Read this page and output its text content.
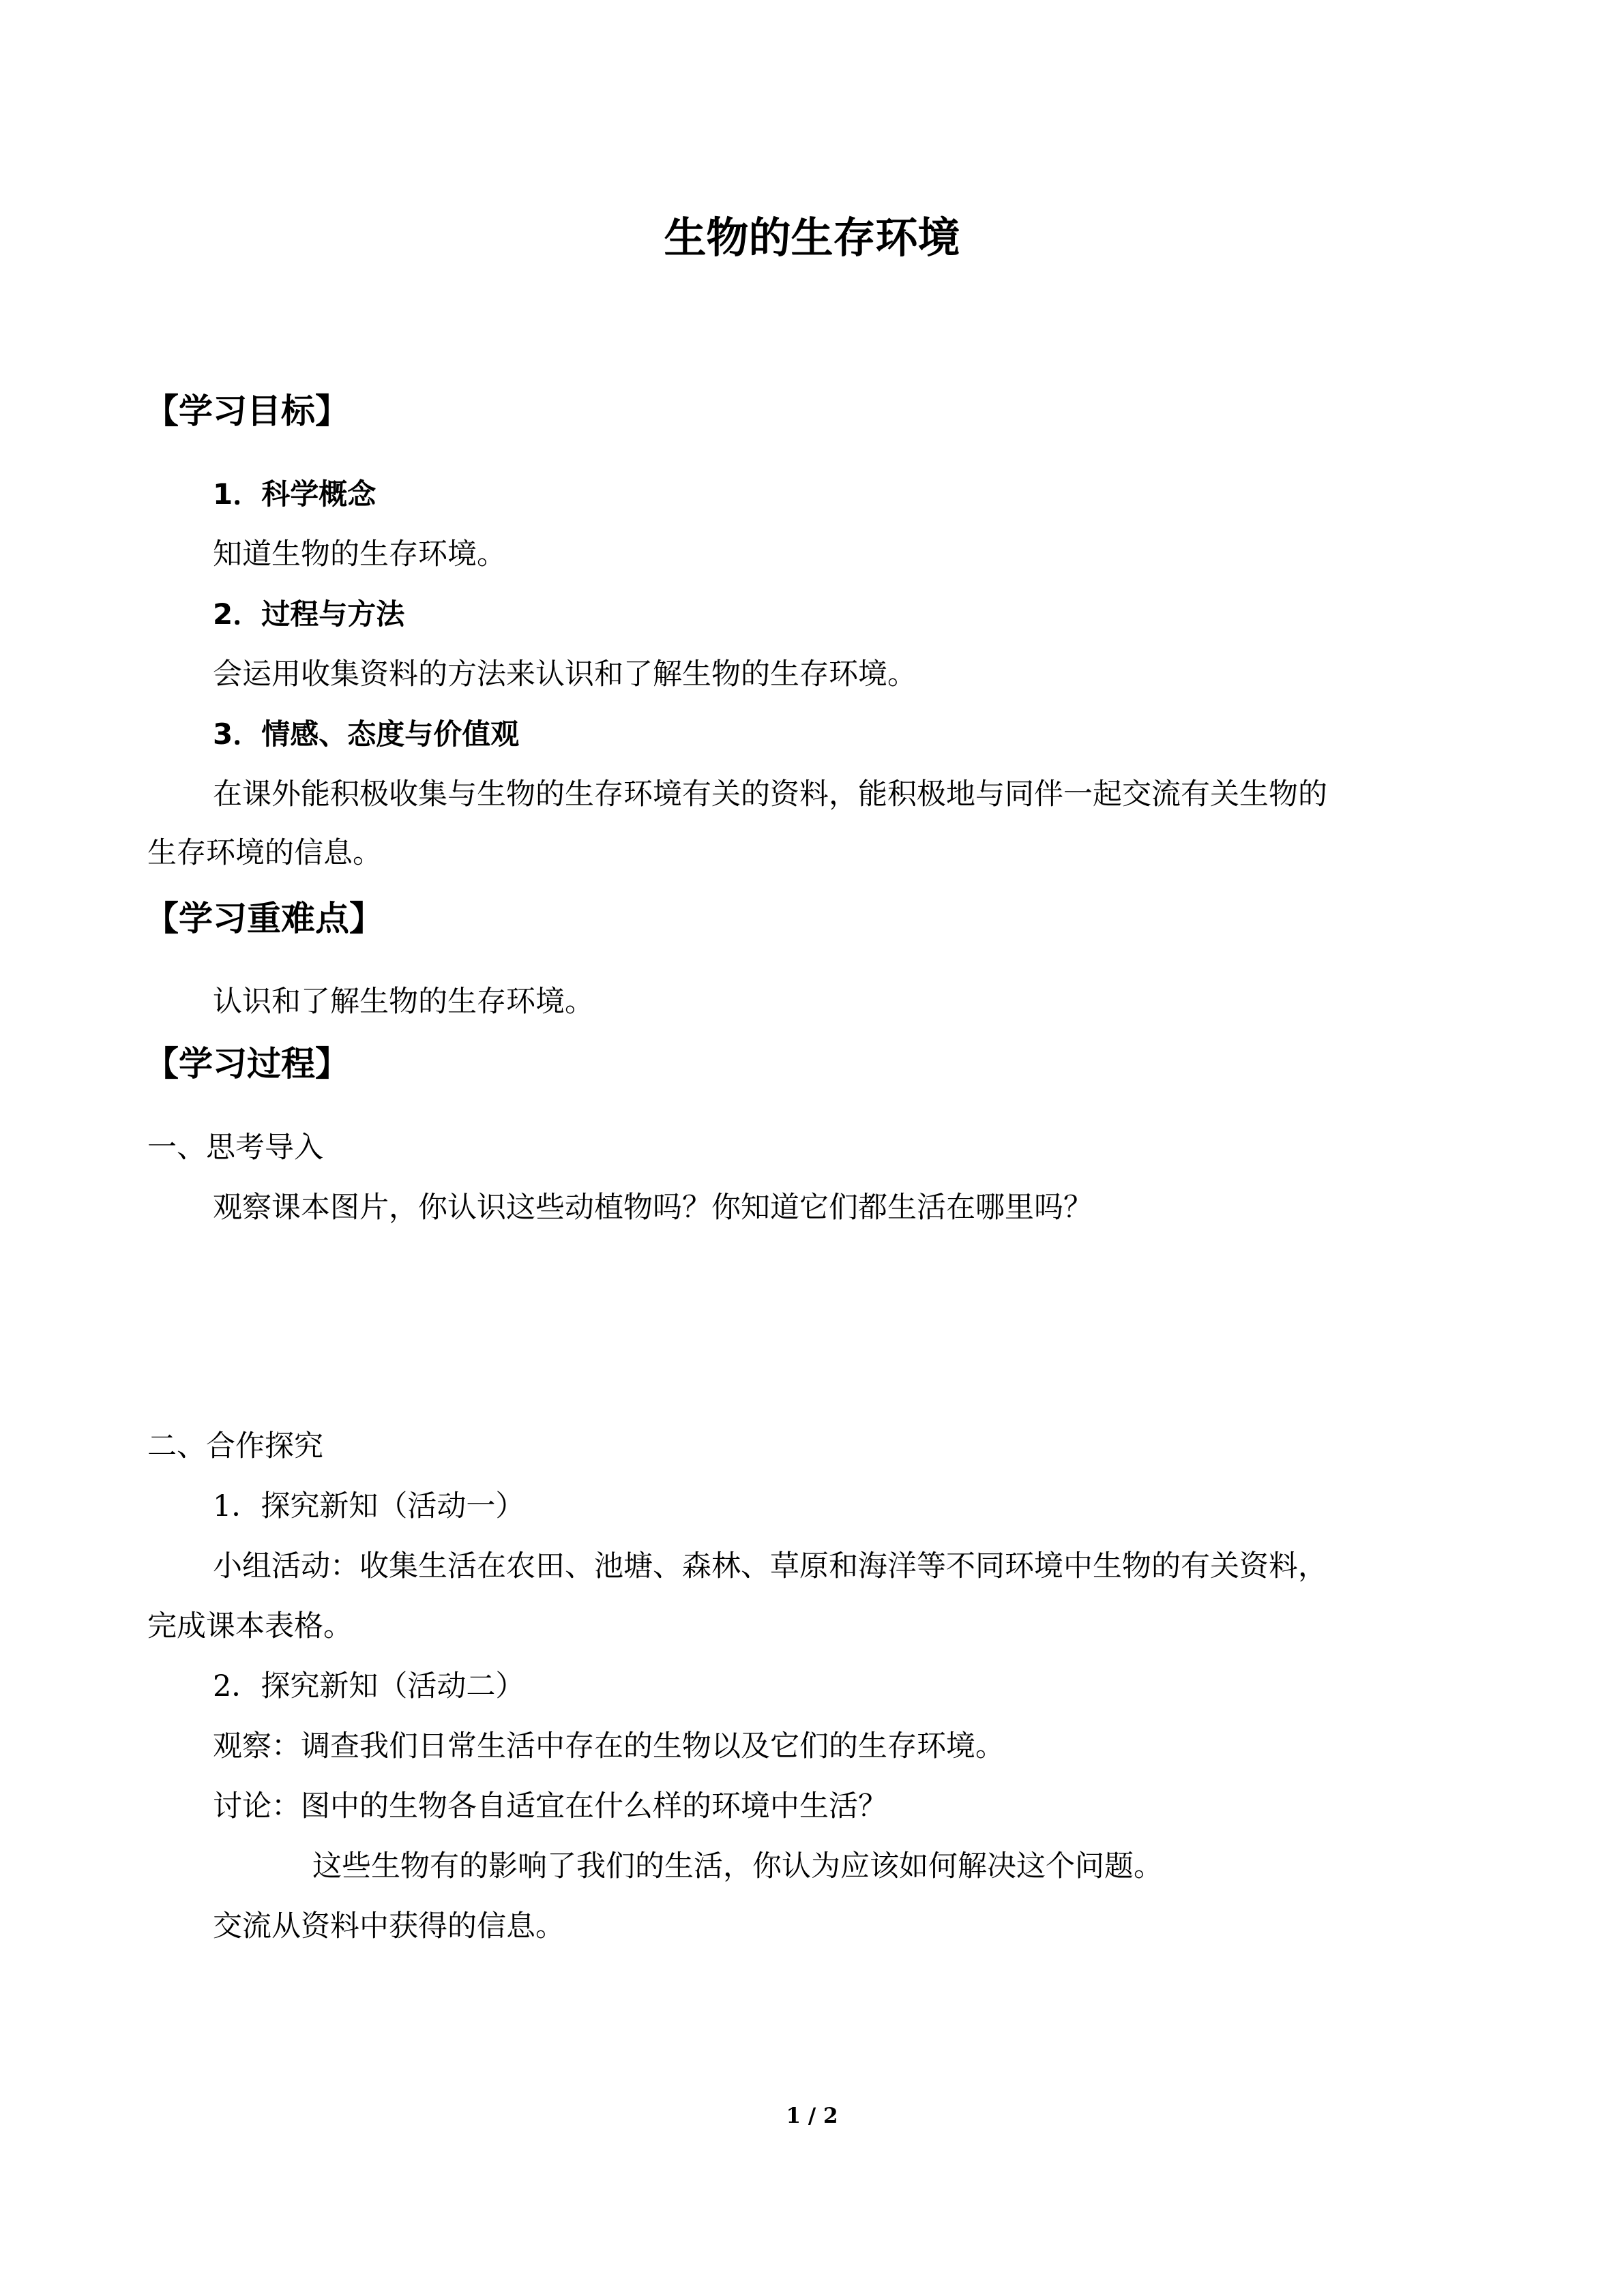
生物的生存环境
【学习目标】
1．科学概念
知道生物的生存环境。
2．过程与方法
会运用收集资料的方法来认识和了解生物的生存环境。
3．情感、态度与价值观
在课外能积极收集与生物的生存环境有关的资料，能积极地与同伴一起交流有关生物的
生存环境的信息。
【学习重难点】
认识和了解生物的生存环境。
【学习过程】
一、思考导入
观察课本图片，你认识这些动植物吗？你知道它们都生活在哪里吗？
二、合作探究
1．探究新知（活动一）
小组活动：收集生活在农田、池塘、森林、草原和海洋等不同环境中生物的有关资料，
完成课本表格。
2．探究新知（活动二）
观察：调查我们日常生活中存在的生物以及它们的生存环境。
讨论：图中的生物各自适宜在什么样的环境中生活？
这些生物有的影响了我们的生活，你认为应该如何解决这个问题。
交流从资料中获得的信息。
1 / 2
